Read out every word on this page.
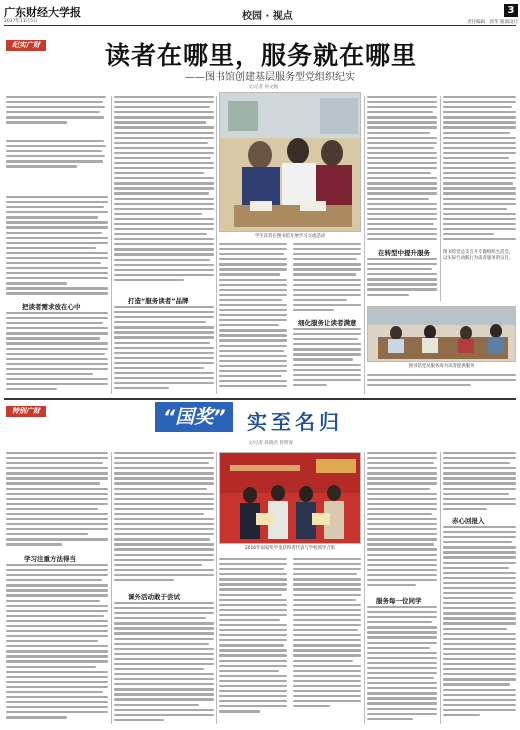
广东财经大学报
2017年11月5日	校园 · 视点
3
责任编辑：郭华 版面设计
纪实广财	读者在哪里，服务就在哪里
——图书馆创建基层服务型党组织纪实
文/记者 何文甄
把读者需求放在心中
打造“服务读者”品牌
学生读者在图书馆开展学习交流活动
细化服务让读者满意
在转型中提升服务	图书馆党总支召开专题组织生活会，以实际行动践行为读者服务的宗旨。
图书馆党员服务岗为读者提供服务
特别广财	“国奖”	实至名归
文/记者 陈晓君 曾明睿
学习注重方法得当
课外活动敢于尝试
2016年国家奖学金获得者代表与学校领导合影
服务每一位同学
赤心回报入
